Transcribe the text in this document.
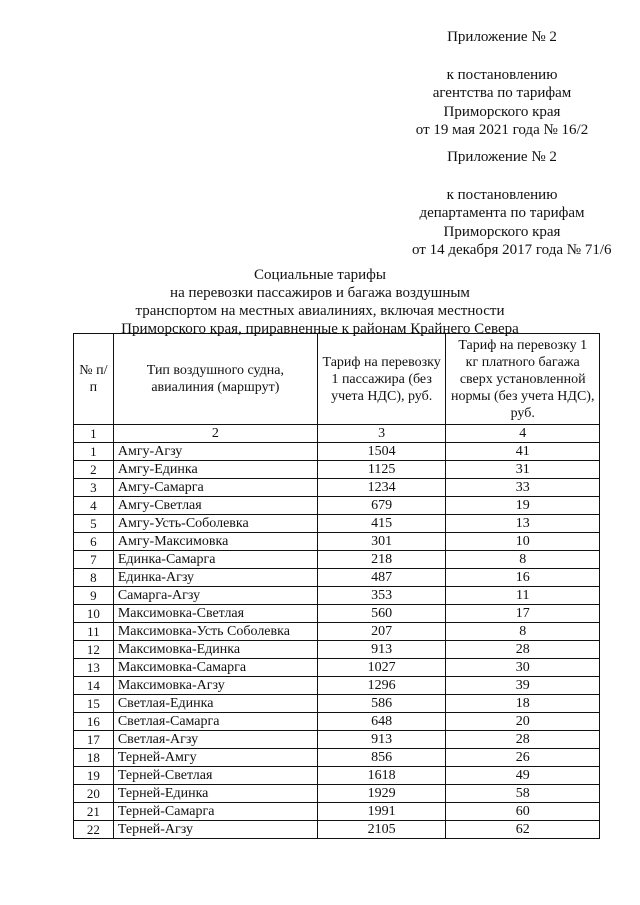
Приложение № 2
к постановлению
агентства по тарифам
Приморского края
от 19 мая 2021 года № 16/2
Приложение № 2
к постановлению
департамента по тарифам
Приморского края
от 14 декабря 2017 года № 71/6
Социальные тарифы
на перевозки пассажиров и багажа воздушным
транспортом на местных авиалиниях, включая местности
Приморского края, приравненные к районам Крайнего Севера
№ п/п	Тип воздушного судна, авиалиния (маршрут)	Тариф на перевозку 1 пассажира (без учета НДС), руб.	Тариф на перевозку 1 кг платного багажа сверх установленной нормы (без учета НДС), руб.
1	2	3	4
1	Амгу-Агзу	1504	41
2	Амгу-Единка	1125	31
3	Амгу-Самарга	1234	33
4	Амгу-Светлая	679	19
5	Амгу-Усть-Соболевка	415	13
6	Амгу-Максимовка	301	10
7	Единка-Самарга	218	8
8	Единка-Агзу	487	16
9	Самарга-Агзу	353	11
10	Максимовка-Светлая	560	17
11	Максимовка-Усть Соболевка	207	8
12	Максимовка-Единка	913	28
13	Максимовка-Самарга	1027	30
14	Максимовка-Агзу	1296	39
15	Светлая-Единка	586	18
16	Светлая-Самарга	648	20
17	Светлая-Агзу	913	28
18	Терней-Амгу	856	26
19	Терней-Светлая	1618	49
20	Терней-Единка	1929	58
21	Терней-Самарга	1991	60
22	Терней-Агзу	2105	62
